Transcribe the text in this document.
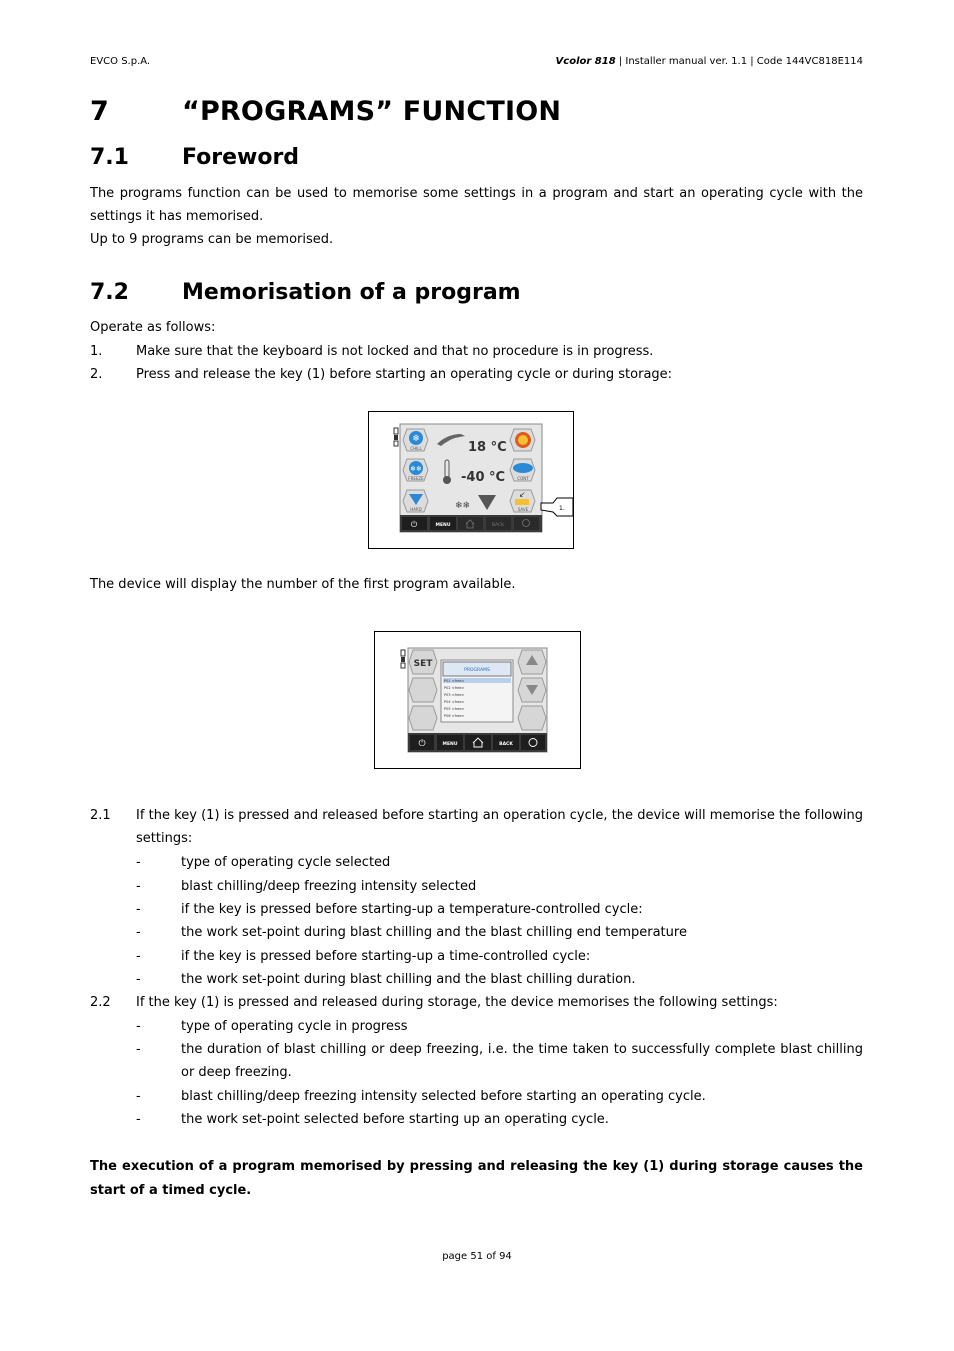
EVCO S.p.A.	Vcolor 818 | Installer manual ver. 1.1 | Code 144VC818E114
7	“PROGRAMS” FUNCTION
7.1 Foreword
The programs function can be used to memorise some settings in a program and start an operating cycle with the settings it has memorised.
Up to 9 programs can be memorised.
7.2 Memorisation of a program
Operate as follows:
1.	Make sure that the keyboard is not locked and that no procedure is in progress.
2.	Press and release the key (1) before starting an operating cycle or during storage:
❄
CHILL
❄❄
FREEZE
HARD
CONT
↙
SAVE
18 °C
-40 °C
❄❄
⏻	MENU	BACK
1.
The device will display the number of the first program available.
SET
PROGRAMS
P01 <free>
P02 <free>
P03 <free>
P04 <free>
P05 <free>
P06 <free>
⏻	MENU	BACK
2.1 If the key (1) is pressed and released before starting an operation cycle, the device will memorise the following settings:
-	type of operating cycle selected
-	blast chilling/deep freezing intensity selected
-	if the key is pressed before starting-up a temperature-controlled cycle:
-	the work set-point during blast chilling and the blast chilling end temperature
-	if the key is pressed before starting-up a time-controlled cycle:
-	the work set-point during blast chilling and the blast chilling duration.
2.2 If the key (1) is pressed and released during storage, the device memorises the following settings:
-	type of operating cycle in progress
-	the duration of blast chilling or deep freezing, i.e. the time taken to successfully complete blast chilling or deep freezing.
-	blast chilling/deep freezing intensity selected before starting an operating cycle.
-	the work set-point selected before starting up an operating cycle.
The execution of a program memorised by pressing and releasing the key (1) during storage causes the start of a timed cycle.
page 51 of 94
